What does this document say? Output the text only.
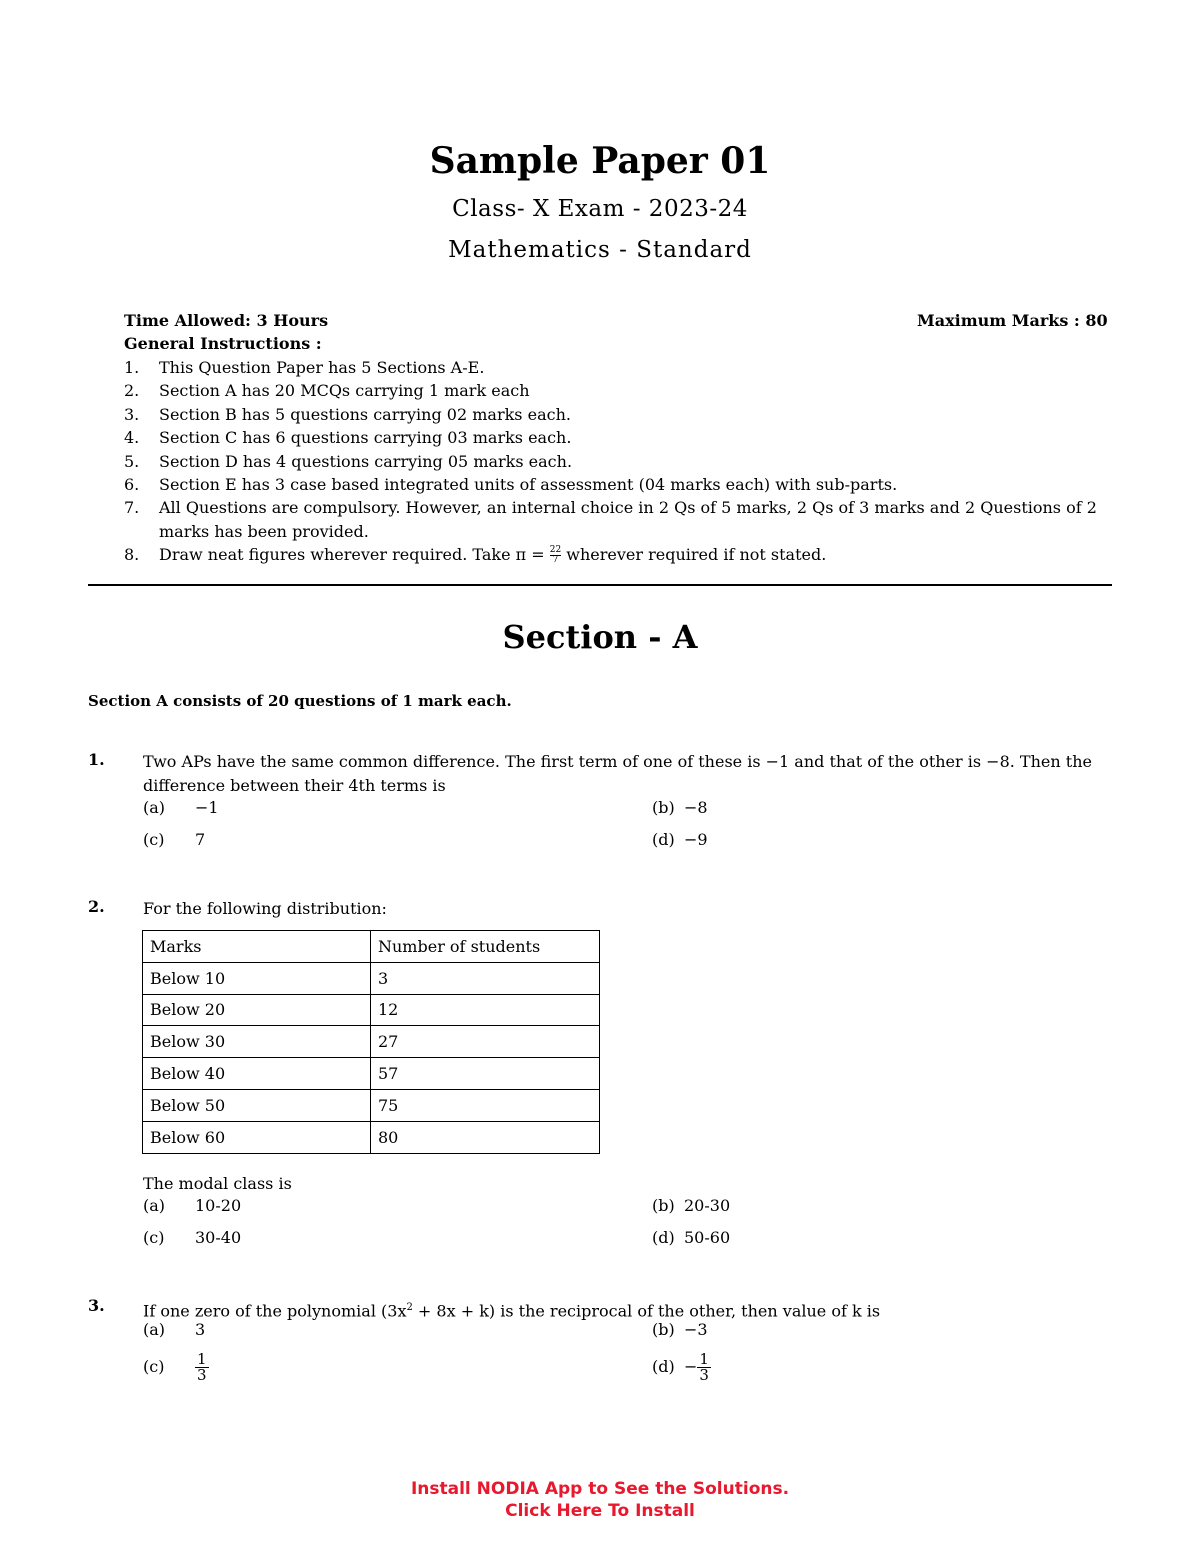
Sample Paper 01
Class- X Exam - 2023-24
Mathematics - Standard
Time Allowed: 3 Hours	Maximum Marks : 80
General Instructions :
1.	This Question Paper has 5 Sections A-E.
2.	Section A has 20 MCQs carrying 1 mark each
3.	Section B has 5 questions carrying 02 marks each.
4.	Section C has 6 questions carrying 03 marks each.
5.	Section D has 4 questions carrying 05 marks each.
6.	Section E has 3 case based integrated units of assessment (04 marks each) with sub-parts.
7.	All Questions are compulsory. However, an internal choice in 2 Qs of 5 marks, 2 Qs of 3 marks and 2 Questions of 2 marks has been provided.
8.	Draw neat figures wherever required. Take $\pi = \frac{22}{7}$ wherever required if not stated.
Section - A
Section A consists of 20 questions of 1 mark each.
1. Two APs have the same common difference. The first term of one of these is −1 and that of the other is −8. Then the difference between their 4th terms is
(a) −1	(b) −8
(c) 7	(d) −9
2. For the following distribution:
Marks	Number of students
Below 10	3
Below 20	12
Below 30	27
Below 40	57
Below 50	75
Below 60	80
The modal class is
(a) 10-20	(b) 20-30
(c) 30-40	(d) 50-60
3. If one zero of the polynomial $(3x^2 + 8x + k)$ is the reciprocal of the other, then value of k is
(a) 3	(b) −3
$(c) \frac{1}{3}$	$(d) - \frac{1}{3}$
Install NODIA App to See the Solutions.
Click Here To Install
